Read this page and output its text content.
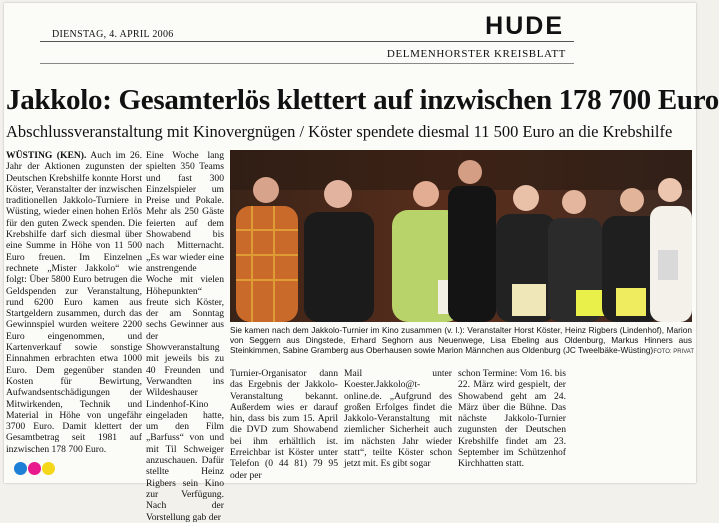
DIENSTAG, 4. APRIL 2006	HUDE
DELMENHORSTER KREISBLATT
Jakkolo: Gesamterlös klettert auf inzwischen 178 700 Euro
Abschlussveranstaltung mit Kinovergnügen / Köster spendete diesmal 11 500 Euro an die Krebshilfe

WÜSTING (KEN). Auch im 26. Jahr der Aktionen zugunsten der Deutschen Krebshilfe konnte Horst Köster, Veranstalter der inzwischen traditionellen Jakkolo-Turniere in Wüsting, wieder einen hohen Erlös für den guten Zweck spenden. Die Krebshilfe darf sich diesmal über eine Summe in Höhe von 11 500 Euro freuen. Im Einzelnen rechnete „Mister Jakkolo“ wie folgt: Über 5800 Euro betrugen die Geldspenden zur Veranstaltung, rund 6200 Euro kamen aus Startgeldern zusammen, durch das Gewinnspiel wurden weitere 2200 Euro eingenommen, und Kartenverkauf sowie sonstige Einnahmen erbrachten etwa 1000 Euro. Dem gegenüber standen Kosten für Bewirtung, Aufwandsentschädigungen der Mitwirkenden, Technik und Material in Höhe von ungefähr 3700 Euro. Damit klettert der Gesamtbetrag seit 1981 auf inzwischen 178 700 Euro.

Eine Woche lang spielten 350 Teams und fast 300 Einzelspieler um Preise und Pokale. Mehr als 250 Gäste feierten auf dem Showabend bis nach Mitternacht. „Es war wieder eine anstrengende Woche mit vielen Höhepunkten“ freute sich Köster, der am Sonntag sechs Gewinner aus der Showveranstaltung mit jeweils bis zu 40 Freunden und Verwandten ins Wildeshauser Lindenhof-Kino eingeladen hatte, um den Film „Barfuss“ von und mit Til Schweiger anzuschauen. Dafür stellte Heinz Rigbers sein Kino zur Verfügung. Nach der Vorstellung gab der

Sie kamen nach dem Jakkolo-Turnier im Kino zusammen (v. l.): Veranstalter Horst Köster, Heinz Rigbers (Lindenhof), Marion von Seggern aus Dingstede, Erhard Seghorn aus Neuenwege, Lisa Ebeling aus Oldenburg, Markus Hinners aus Steinkimmen, Sabine Gramberg aus Oberhausen sowie Marion Männchen aus Oldenburg (JC Tweelbäke-Wüsting).
FOTO: PRIVAT

Turnier-Organisator dann das Ergebnis der Jakkolo-Veranstaltung bekannt. Außerdem wies er darauf hin, dass bis zum 15. April die DVD zum Showabend bei ihm erhältlich ist. Erreichbar ist Köster unter Telefon (0 44 81) 79 95 oder per

Mail unter Koester.Jakkolo@t-online.de. „Aufgrund des großen Erfolges findet die Jakkolo-Veranstaltung mit ziemlicher Sicherheit auch im nächsten Jahr wieder statt“, teilte Köster schon jetzt mit. Es gibt sogar

schon Termine: Vom 16. bis 22. März wird gespielt, der Showabend geht am 24. März über die Bühne. Das nächste Jakkolo-Turnier zugunsten der Deutschen Krebshilfe findet am 23. September im Schützenhof Kirchhatten statt.
